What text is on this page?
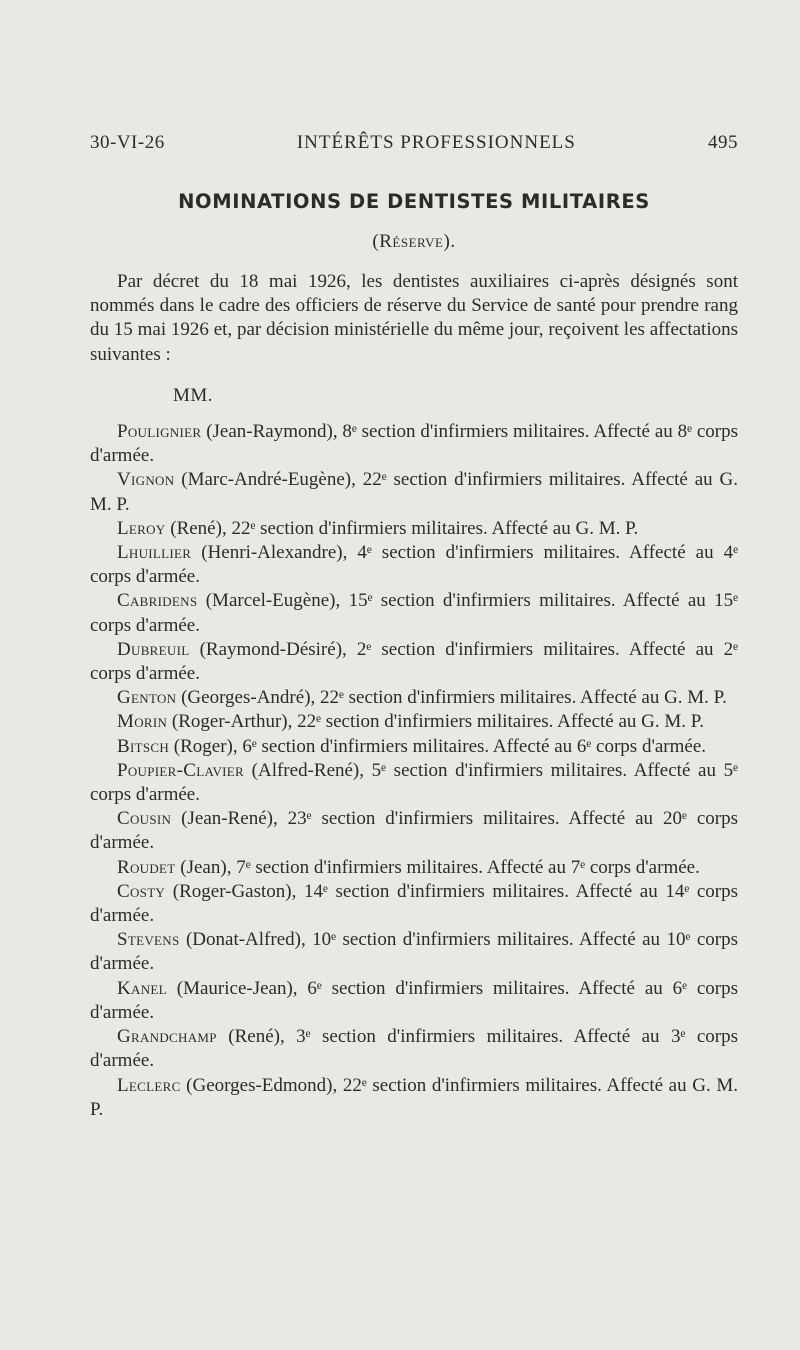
30-VI-26	INTÉRÊTS PROFESSIONNELS	495
NOMINATIONS DE DENTISTES MILITAIRES
(Réserve).

Par décret du 18 mai 1926, les dentistes auxiliaires ci-après désignés sont nommés dans le cadre des officiers de réserve du Service de santé pour prendre rang du 15 mai 1926 et, par décision ministérielle du même jour, reçoivent les affectations suivantes :

MM.

Poulignier (Jean-Raymond), 8ᵉ section d'infirmiers militaires. Affecté au 8ᵉ corps d'armée.

Vignon (Marc-André-Eugène), 22ᵉ section d'infirmiers militaires. Affecté au G. M. P.

Leroy (René), 22ᵉ section d'infirmiers militaires. Affecté au G. M. P.

Lhuillier (Henri-Alexandre), 4ᵉ section d'infirmiers militaires. Affecté au 4ᵉ corps d'armée.

Cabridens (Marcel-Eugène), 15ᵉ section d'infirmiers militaires. Affecté au 15ᵉ corps d'armée.

Dubreuil (Raymond-Désiré), 2ᵉ section d'infirmiers militaires. Affecté au 2ᵉ corps d'armée.

Genton (Georges-André), 22ᵉ section d'infirmiers militaires. Affecté au G. M. P.

Morin (Roger-Arthur), 22ᵉ section d'infirmiers militaires. Affecté au G. M. P.

Bitsch (Roger), 6ᵉ section d'infirmiers militaires. Affecté au 6ᵉ corps d'armée.

Poupier-Clavier (Alfred-René), 5ᵉ section d'infirmiers militaires. Affecté au 5ᵉ corps d'armée.

Cousin (Jean-René), 23ᵉ section d'infirmiers militaires. Affecté au 20ᵉ corps d'armée.

Roudet (Jean), 7ᵉ section d'infirmiers militaires. Affecté au 7ᵉ corps d'armée.

Costy (Roger-Gaston), 14ᵉ section d'infirmiers militaires. Affecté au 14ᵉ corps d'armée.

Stevens (Donat-Alfred), 10ᵉ section d'infirmiers militaires. Affecté au 10ᵉ corps d'armée.

Kanel (Maurice-Jean), 6ᵉ section d'infirmiers militaires. Affecté au 6ᵉ corps d'armée.

Grandchamp (René), 3ᵉ section d'infirmiers militaires. Affecté au 3ᵉ corps d'armée.

Leclerc (Georges-Edmond), 22ᵉ section d'infirmiers militaires. Affecté au G. M. P.
